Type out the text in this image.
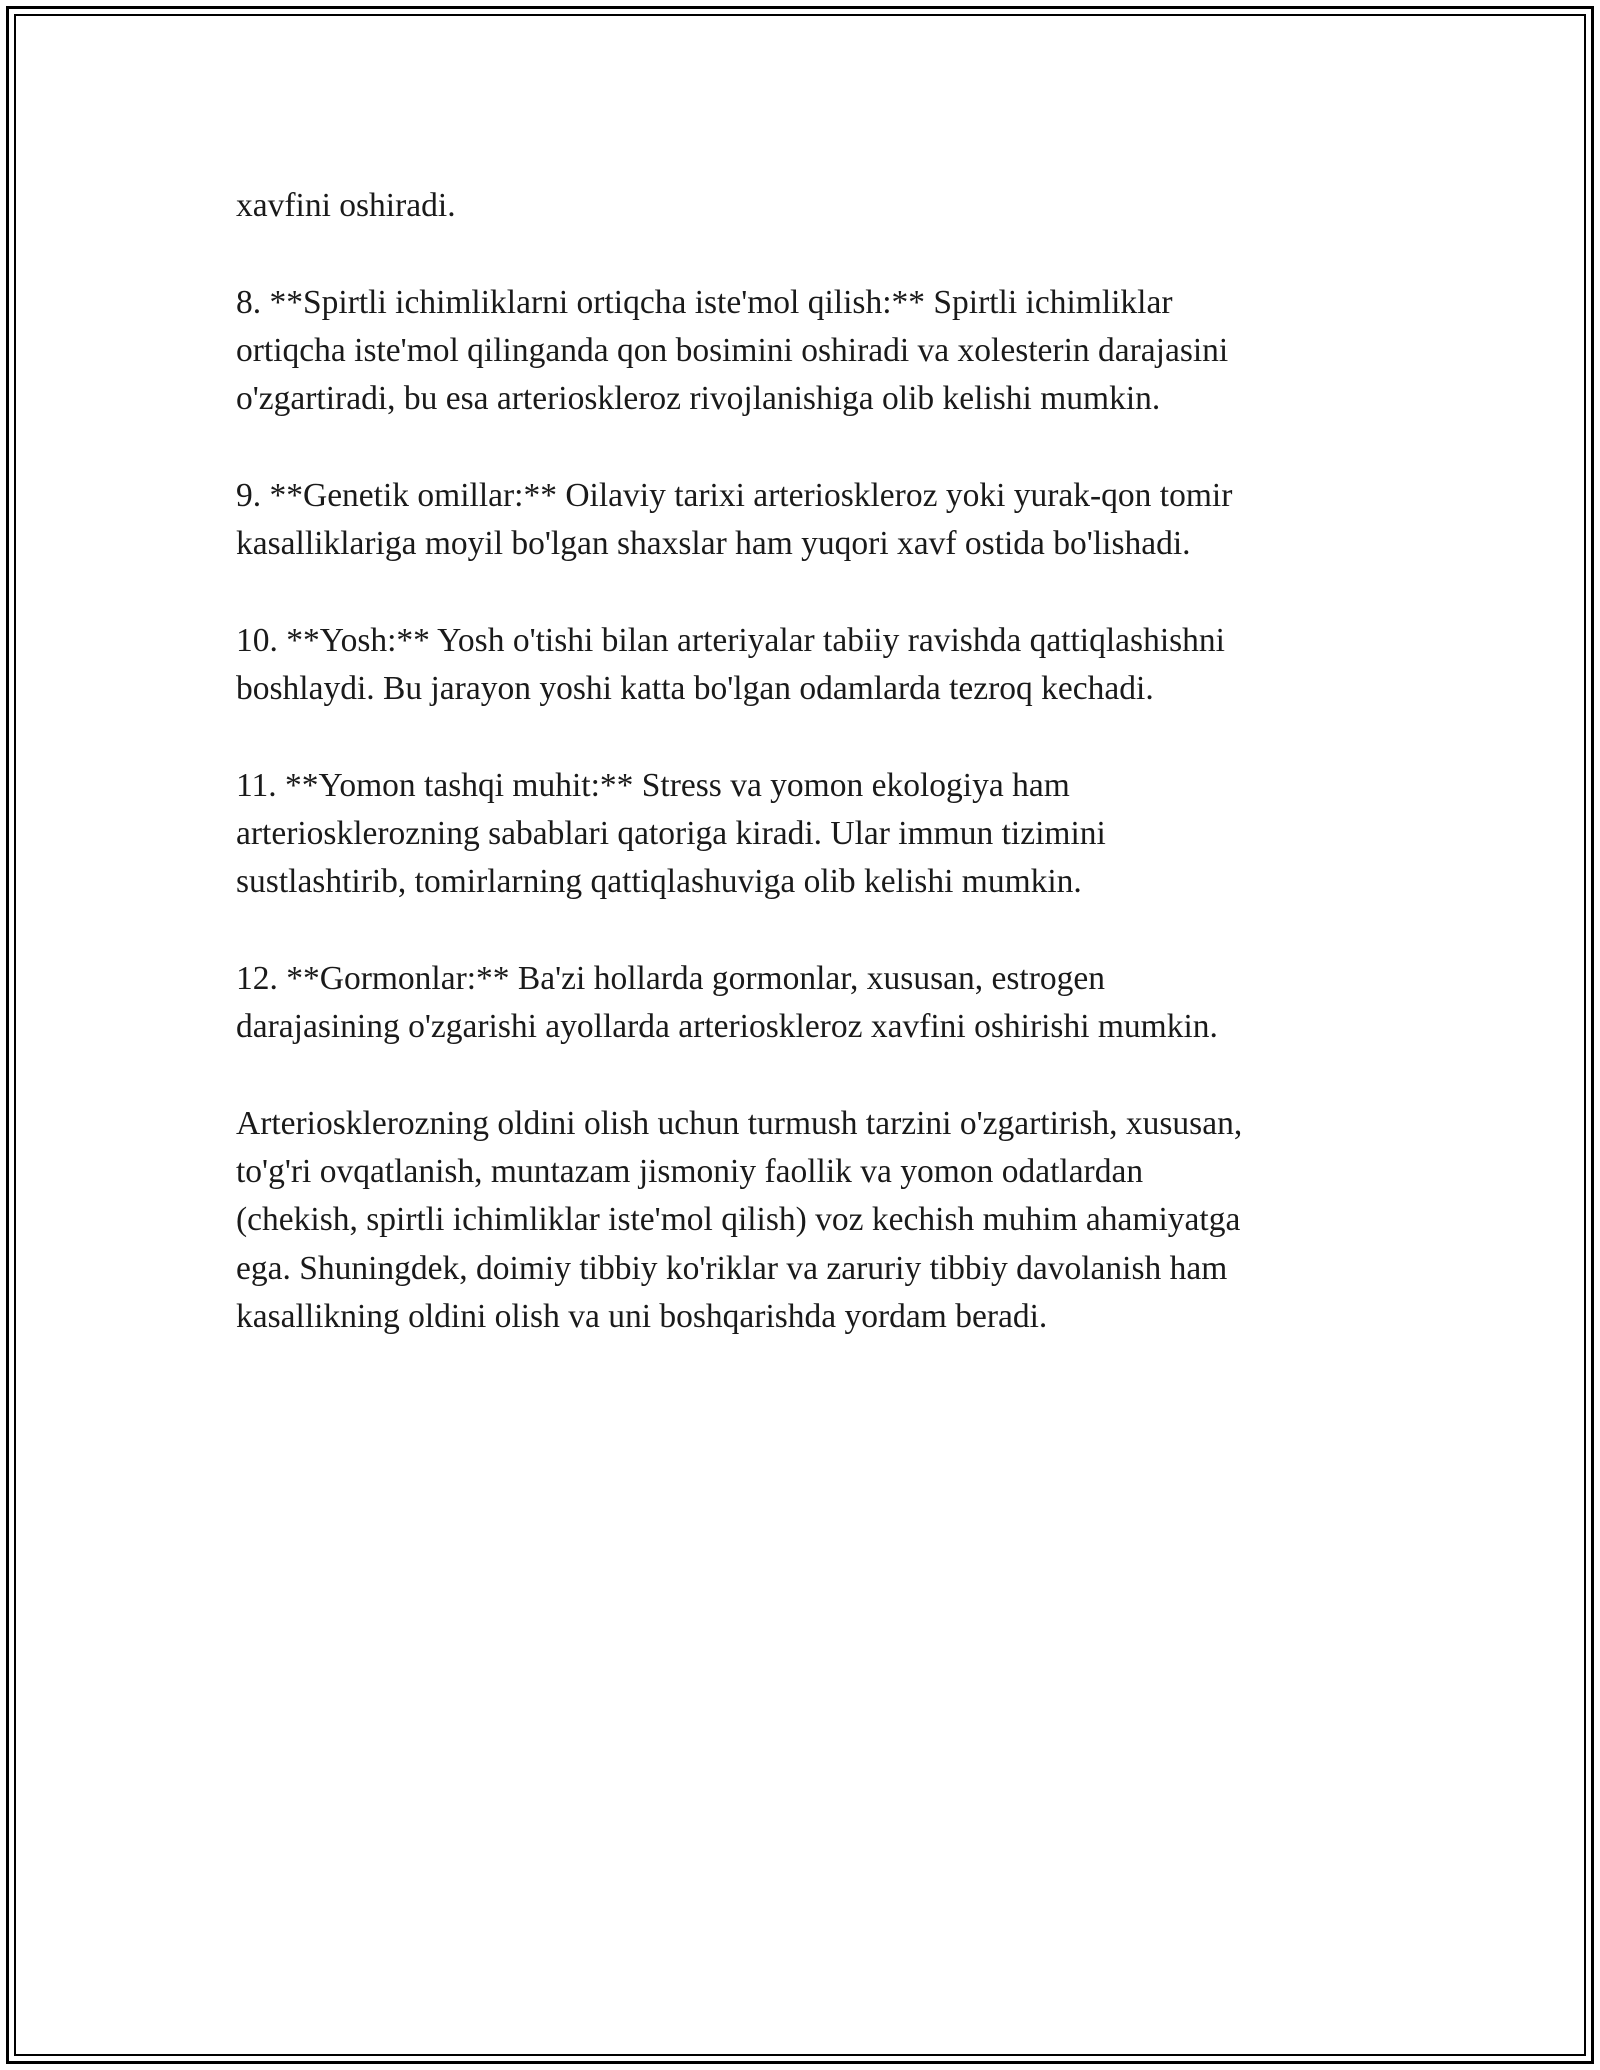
xavfini oshiradi.

8. **Spirtli ichimliklarni ortiqcha iste'mol qilish:** Spirtli ichimliklar
ortiqcha iste'mol qilinganda qon bosimini oshiradi va xolesterin darajasini
o'zgartiradi, bu esa arterioskleroz rivojlanishiga olib kelishi mumkin.

9. **Genetik omillar:** Oilaviy tarixi arterioskleroz yoki yurak-qon tomir
kasalliklariga moyil bo'lgan shaxslar ham yuqori xavf ostida bo'lishadi.

10. **Yosh:** Yosh o'tishi bilan arteriyalar tabiiy ravishda qattiqlashishni
boshlaydi. Bu jarayon yoshi katta bo'lgan odamlarda tezroq kechadi.

11. **Yomon tashqi muhit:** Stress va yomon ekologiya ham
arteriosklerozning sabablari qatoriga kiradi. Ular immun tizimini
sustlashtirib, tomirlarning qattiqlashuviga olib kelishi mumkin.

12. **Gormonlar:** Ba'zi hollarda gormonlar, xususan, estrogen
darajasining o'zgarishi ayollarda arterioskleroz xavfini oshirishi mumkin.

Arteriosklerozning oldini olish uchun turmush tarzini o'zgartirish, xususan,
to'g'ri ovqatlanish, muntazam jismoniy faollik va yomon odatlardan
(chekish, spirtli ichimliklar iste'mol qilish) voz kechish muhim ahamiyatga
ega. Shuningdek, doimiy tibbiy ko'riklar va zaruriy tibbiy davolanish ham
kasallikning oldini olish va uni boshqarishda yordam beradi.
